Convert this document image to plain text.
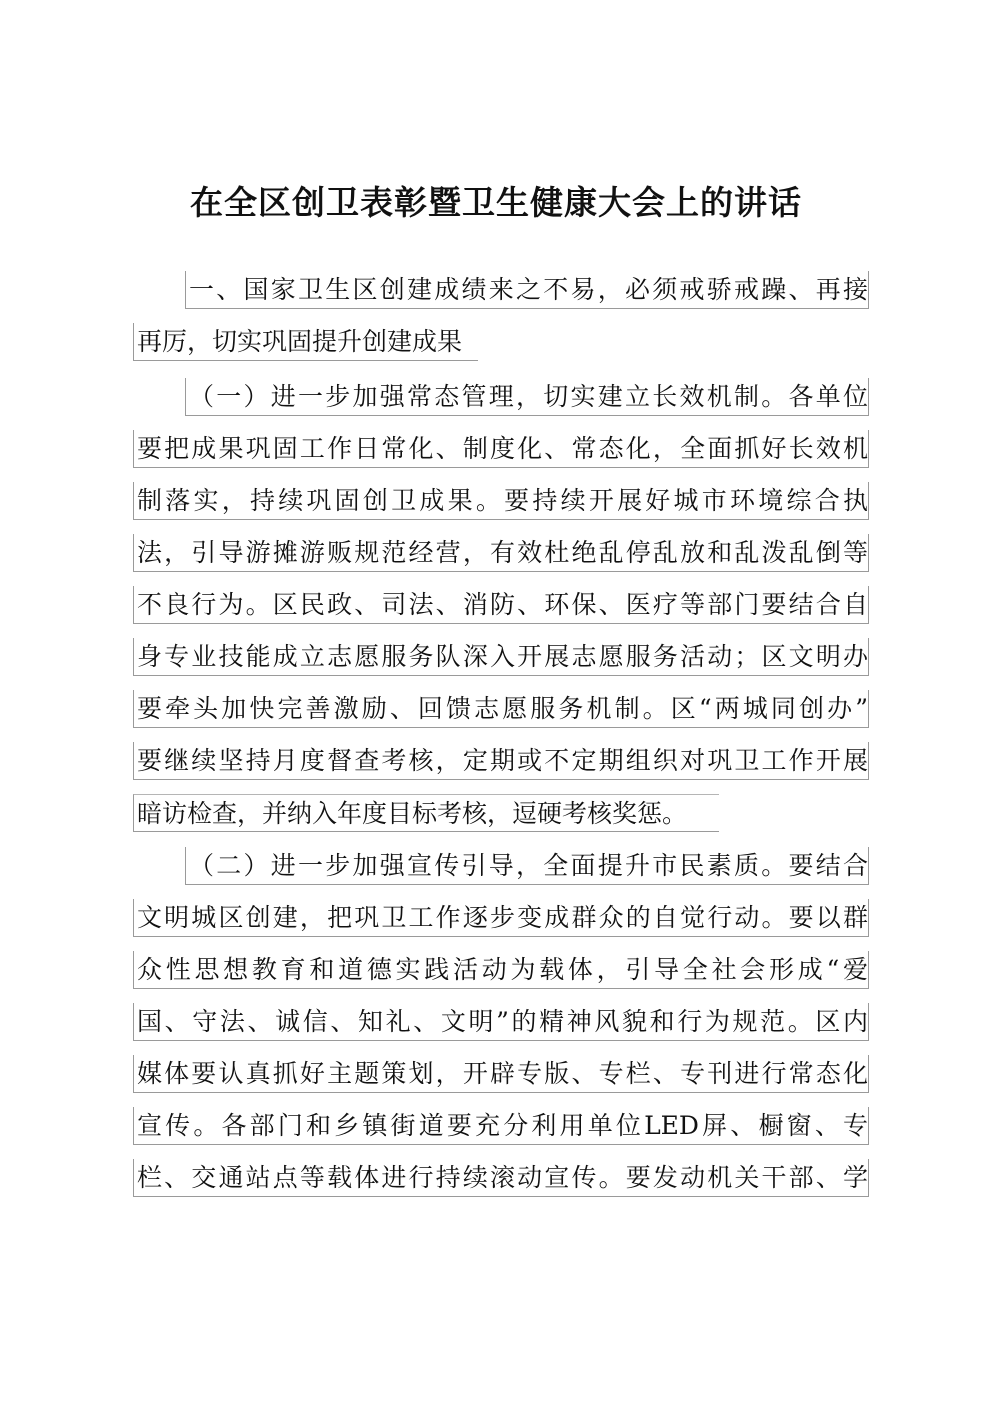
在全区创卫表彰暨卫生健康大会上的讲话
一、国家卫生区创建成绩来之不易，必须戒骄戒躁、再接
再厉，切实巩固提升创建成果
（一）进一步加强常态管理，切实建立长效机制。各单位
要把成果巩固工作日常化、制度化、常态化，全面抓好长效机
制落实，持续巩固创卫成果。要持续开展好城市环境综合执
法，引导游摊游贩规范经营，有效杜绝乱停乱放和乱泼乱倒等
不良行为。区民政、司法、消防、环保、医疗等部门要结合自
身专业技能成立志愿服务队深入开展志愿服务活动；区文明办
要牵头加快完善激励、回馈志愿服务机制。区“两城同创办”
要继续坚持月度督查考核，定期或不定期组织对巩卫工作开展
暗访检查，并纳入年度目标考核，逗硬考核奖惩。
（二）进一步加强宣传引导，全面提升市民素质。要结合
文明城区创建，把巩卫工作逐步变成群众的自觉行动。要以群
众性思想教育和道德实践活动为载体，引导全社会形成“爱
国、守法、诚信、知礼、文明”的精神风貌和行为规范。区内
媒体要认真抓好主题策划，开辟专版、专栏、专刊进行常态化
宣传。各部门和乡镇街道要充分利用单位LED屏、橱窗、专
栏、交通站点等载体进行持续滚动宣传。要发动机关干部、学
